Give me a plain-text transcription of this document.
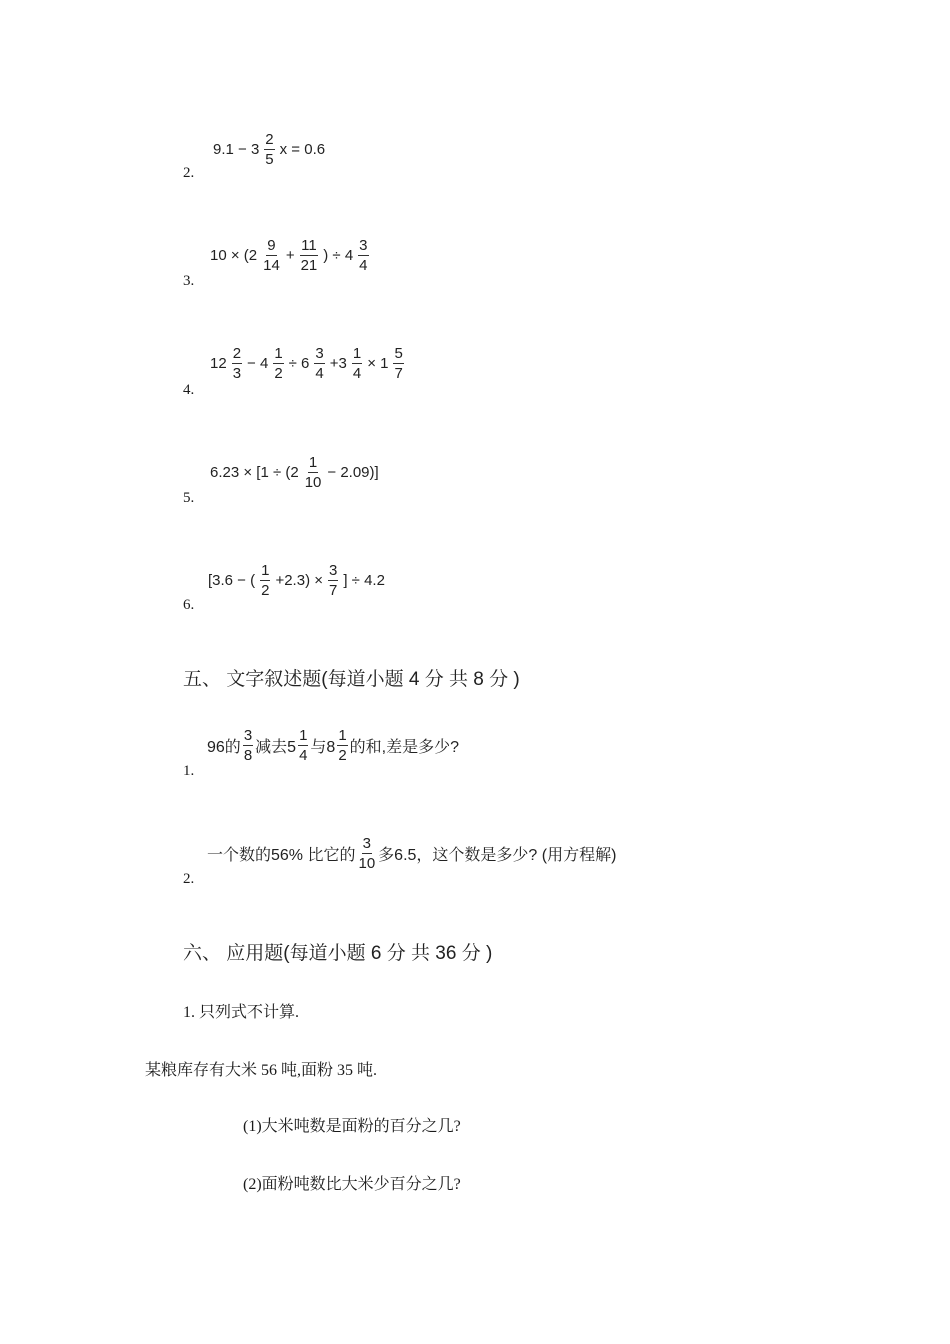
2.
$9.1 - 3 \frac{2}{5}$ x = 0.6
3.
$10 \times (2 \frac{9}{14} + \frac{11}{21}$ ) ÷ $4 \frac{3}{4}$
4.
$12 \frac{2}{3} - 4 \frac{1}{2} \div 6 \frac{3}{4} +3 \frac{1}{4} \times 1 \frac{5}{7}$
5.
$6.23 \times [1 \div (2 \frac{1}{10} - 2.09)]$
6.
[3.6 − ( $\frac{1}{2} +2.3) \times \frac{3}{7}$ ] ÷ 4.2
五、 文字叙述题(每道小题 4 分 共 8 分 )
1.
96的 $\frac{3}{8}$ 减去$5 \frac{1}{4}$ 与$8 \frac{1}{2}$ 的和,差是多少?
2.
一个数的56% 比它的 $\frac{3}{10}$ 多6.5，这个数是多少? (用方程解)
六、 应用题(每道小题 6 分 共 36 分 )
1. 只列式不计算.
某粮库存有大米 56 吨,面粉 35 吨.
(1)大米吨数是面粉的百分之几?
(2)面粉吨数比大米少百分之几?
